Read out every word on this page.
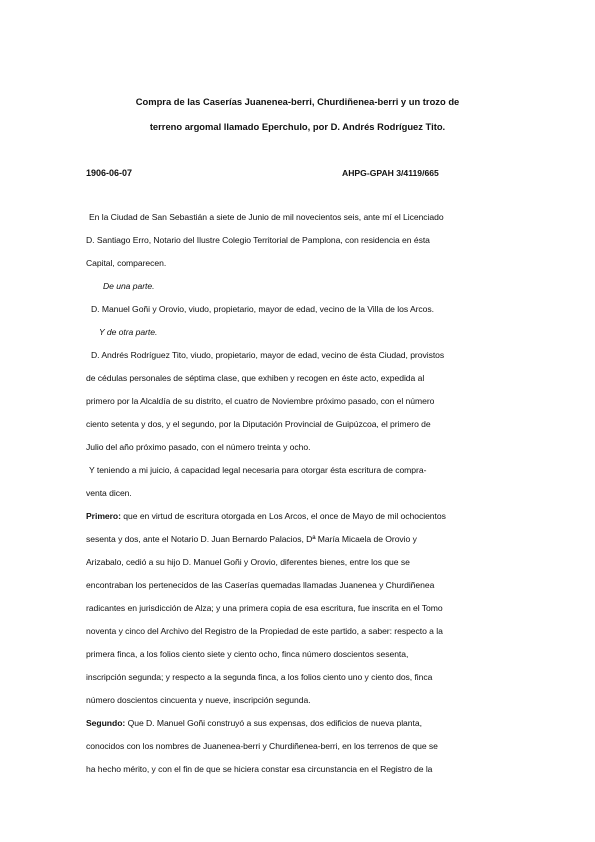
Compra de las Caserías Juanenea-berri, Churdiñenea-berri y un trozo de
terreno argomal llamado Eperchulo, por D. Andrés Rodríguez Tito.
1906-06-07	AHPG-GPAH 3/4119/665
En la Ciudad de San Sebastián a siete de Junio de mil novecientos seis, ante mí el Licenciado
D. Santiago Erro, Notario del Ilustre Colegio Territorial de Pamplona, con residencia en ésta
Capital, comparecen.
De una parte.
D. Manuel Goñi y Orovio, viudo, propietario, mayor de edad, vecino de la Villa de los Arcos.
Y de otra parte.
D. Andrés Rodríguez Tito, viudo, propietario, mayor de edad, vecino de ésta Ciudad, provistos
de cédulas personales de séptima clase, que exhiben y recogen en éste acto, expedida al
primero por la Alcaldía de su distrito, el cuatro de Noviembre próximo pasado, con el número
ciento setenta y dos, y el segundo, por la Diputación Provincial de Guipúzcoa, el primero de
Julio del año próximo pasado, con el número treinta y ocho.
Y teniendo a mi juicio, á capacidad legal necesaria para otorgar ésta escritura de compra-
venta dicen.
Primero: que en virtud de escritura otorgada en Los Arcos, el once de Mayo de mil ochocientos
sesenta y dos, ante el Notario D. Juan Bernardo Palacios, Dª María Micaela de Orovio y
Arizabalo, cedió a su hijo D. Manuel Goñi y Orovio, diferentes bienes, entre los que se
encontraban los pertenecidos de las Caserías quemadas llamadas Juanenea y Churdiñenea
radicantes en jurisdicción de Alza; y una primera copia de esa escritura, fue inscrita en el Tomo
noventa y cinco del Archivo del Registro de la Propiedad de este partido, a saber: respecto a la
primera finca, a los folios ciento siete y ciento ocho, finca número doscientos sesenta,
inscripción segunda; y respecto a la segunda finca, a los folios ciento uno y ciento dos, finca
número doscientos cincuenta y nueve, inscripción segunda.
Segundo: Que D. Manuel Goñi construyó a sus expensas, dos edificios de nueva planta,
conocidos con los nombres de Juanenea-berri y Churdiñenea-berri, en los terrenos de que se
ha hecho mérito, y con el fin de que se hiciera constar esa circunstancia en el Registro de la
